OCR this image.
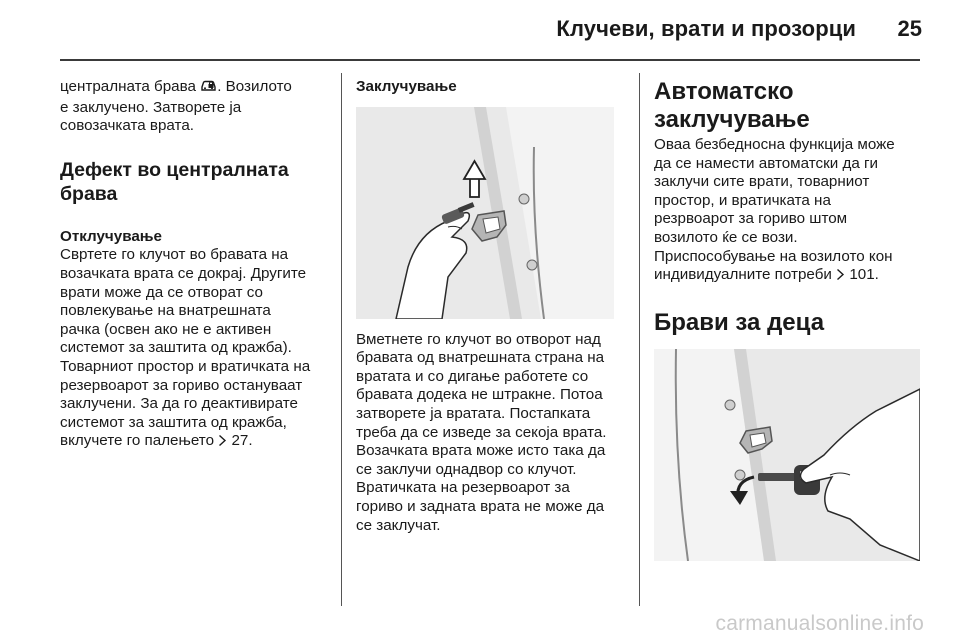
Клучеви, врати и прозорци 25

централната брава . Возилото
е заклучено. Затворете ја
совозачката врата.

Дефект во централната брава
Отклучување

Свртете го клучот во бравата на
возачката врата се докрај. Другите
врати може да се отворат со
повлекување на внатрешната
рачка (освен ако не е активен
системот за заштита од кражба).
Товарниот простор и вратичката на
резервоарот за гориво остануваат
заклучени. За да го деактивирате
системот за заштита од кражба,
вклучете го палењето  27.

Заклучување

Вметнете го клучот во отворот над
бравата од внатрешната страна на
вратата и со дигање работете со
бравата додека не штракне. Потоа
затворете ја вратата. Постапката
треба да се изведе за секоја врата.
Возачката врата може исто така да
се заклучи однадвор со клучот.
Вратичката на резервоарот за
гориво и задната врата не може да
се заклучат.

Автоматско заклучување

Оваа безбедносна функција може
да се намести автоматски да ги
заклучи сите врати, товарниот
простор, и вратичката на
резрвоарот за гориво штом
возилото ќе се вози.
Приспособување на возилото кон
индивидуалните потреби  101.

Брави за деца
carmanualsonline.info
